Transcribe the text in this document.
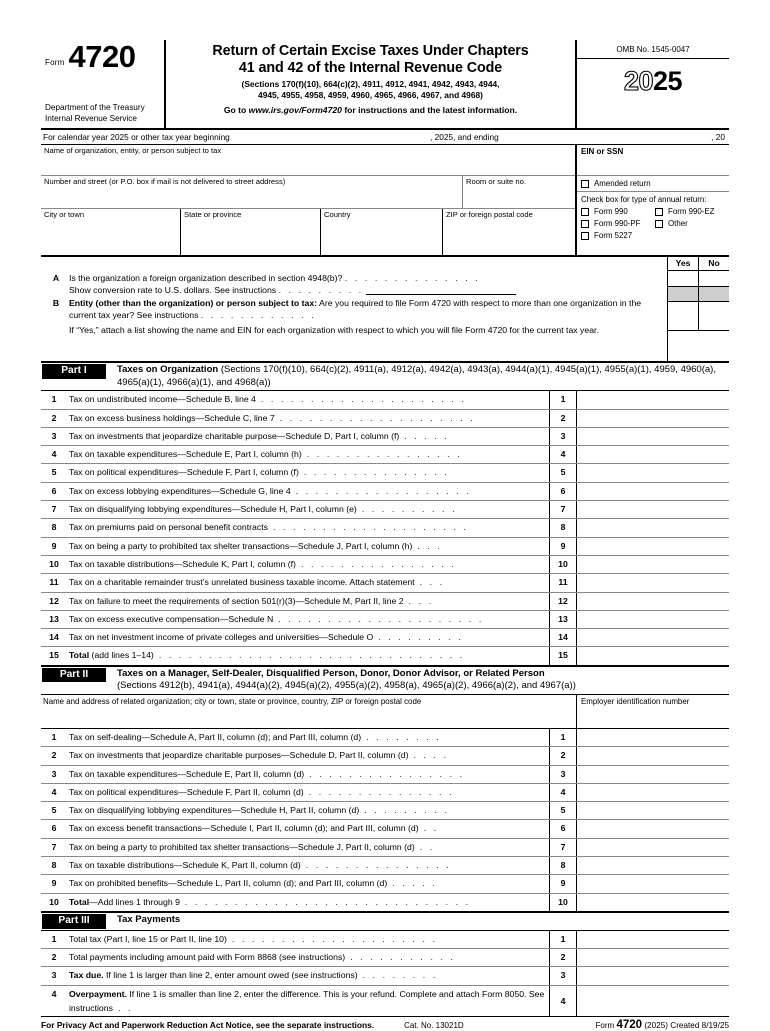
Form 4720
Department of the Treasury
Internal Revenue Service
Return of Certain Excise Taxes Under Chapters
41 and 42 of the Internal Revenue Code
(Sections 170(f)(10), 664(c)(2), 4911, 4912, 4941, 4942, 4943, 4944,
4945, 4955, 4958, 4959, 4960, 4965, 4966, 4967, and 4968)
Go to www.irs.gov/Form4720 for instructions and the latest information.
OMB No. 1545-0047
2025
For calendar year 2025 or other tax year beginning	, 2025, and ending	, 20
Name of organization, entity, or person subject to tax
Number and street (or P.O. box if mail is not delivered to street address)	Room or suite no.
City or town	State or province	Country	ZIP or foreign postal code
EIN or SSN
Amended return
Check box for type of annual return:
Form 990
Form 990-PF
Form 5227
Form 990-EZ
Other
Yes	No
A	Is the organization a foreign organization described in section 4948(b)? . . . . . . . . . . . . . .
Show conversion rate to U.S. dollars. See instructions . . . . . . . . .
B	Entity (other than the organization) or person subject to tax: Are you required to file Form 4720 with respect to more than one organization in the current tax year? See instructions . . . . . . . . . . . .
If “Yes,” attach a list showing the name and EIN for each organization with respect to which you will file Form 4720 for the current tax year.
Part I	Taxes on Organization (Sections 170(f)(10), 664(c)(2), 4911(a), 4912(a), 4942(a), 4943(a), 4944(a)(1), 4945(a)(1), 4955(a)(1), 4959, 4960(a), 4965(a)(1), 4966(a)(1), and 4968(a))
1	Tax on undistributed income—Schedule B, line 4 . . . . . . . . . . . . . . . . . . . . .	1
2	Tax on excess business holdings—Schedule C, line 7 . . . . . . . . . . . . . . . . . . . .	2
3	Tax on investments that jeopardize charitable purpose—Schedule D, Part I, column (f) . . . . .	3
4	Tax on taxable expenditures—Schedule E, Part I, column (h) . . . . . . . . . . . . . . . .	4
5	Tax on political expenditures—Schedule F, Part I, column (f) . . . . . . . . . . . . . . .	5
6	Tax on excess lobbying expenditures—Schedule G, line 4 . . . . . . . . . . . . . . . . . .	6
7	Tax on disqualifying lobbying expenditures—Schedule H, Part I, column (e) . . . . . . . . . .	7
8	Tax on premiums paid on personal benefit contracts . . . . . . . . . . . . . . . . . . . .	8
9	Tax on being a party to prohibited tax shelter transactions—Schedule J, Part I, column (h) . . .	9
10	Tax on taxable distributions—Schedule K, Part I, column (f) . . . . . . . . . . . . . . . .	10
11	Tax on a charitable remainder trust’s unrelated business taxable income. Attach statement . . .	11
12	Tax on failure to meet the requirements of section 501(r)(3)—Schedule M, Part II, line 2 . . .	12
13	Tax on excess executive compensation—Schedule N . . . . . . . . . . . . . . . . . . . . .	13
14	Tax on net investment income of private colleges and universities—Schedule O . . . . . . . . .	14
15	Total (add lines 1–14) . . . . . . . . . . . . . . . . . . . . . . . . . . . . . . .	15
Part II	Taxes on a Manager, Self-Dealer, Disqualified Person, Donor, Donor Advisor, or Related Person
(Sections 4912(b), 4941(a), 4944(a)(2), 4945(a)(2), 4955(a)(2), 4958(a), 4965(a)(2), 4966(a)(2), and 4967(a))
Name and address of related organization; city or town, state or province, country, ZIP or foreign postal code	Employer identification number
1	Tax on self-dealing—Schedule A, Part II, column (d); and Part III, column (d) . . . . . . . .	1
2	Tax on investments that jeopardize charitable purposes—Schedule D, Part II, column (d) . . . .	2
3	Tax on taxable expenditures—Schedule E, Part II, column (d) . . . . . . . . . . . . . . . .	3
4	Tax on political expenditures—Schedule F, Part II, column (d) . . . . . . . . . . . . . . .	4
5	Tax on disqualifying lobbying expenditures—Schedule H, Part II, column (d) . . . . . . . . .	5
6	Tax on excess benefit transactions—Schedule I, Part II, column (d); and Part III, column (d) . .	6
7	Tax on being a party to prohibited tax shelter transactions—Schedule J, Part II, column (d) . .	7
8	Tax on taxable distributions—Schedule K, Part II, column (d) . . . . . . . . . . . . . . .	8
9	Tax on prohibited benefits—Schedule L, Part II, column (d); and Part III, column (d) . . . . .	9
10	Total—Add lines 1 through 9 . . . . . . . . . . . . . . . . . . . . . . . . . . . . .	10
Part III	Tax Payments
1	Total tax (Part I, line 15 or Part II, line 10) . . . . . . . . . . . . . . . . . . . . .	1
2	Total payments including amount paid with Form 8868 (see instructions) . . . . . . . . . . .	2
3	Tax due. If line 1 is larger than line 2, enter amount owed (see instructions) . . . . . . . .	3
4	Overpayment. If line 1 is smaller than line 2, enter the difference. This is your refund. Complete and attach Form 8050. See instructions . .
4
For Privacy Act and Paperwork Reduction Act Notice, see the separate instructions.	Cat. No. 13021D	Form 4720 (2025) Created 8/19/25
